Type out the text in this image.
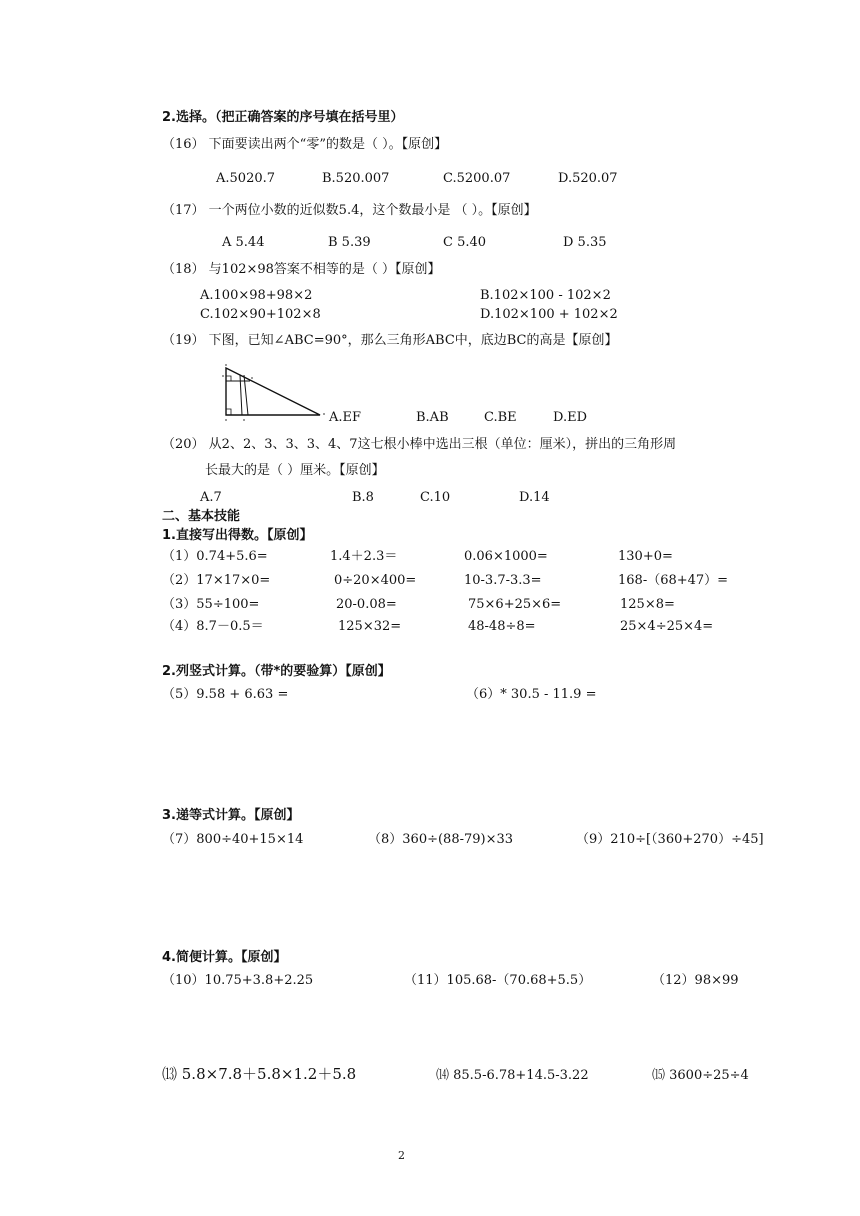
2.选择。（把正确答案的序号填在括号里）
（16） 下面要读出两个“零”的数是（ ）。【原创】
A.5020.7	B.520.007	C.5200.07	D.520.07
（17） 一个两位小数的近似数5.4，这个数最小是 （ ）。【原创】
A 5.44	B 5.39	C 5.40	D 5.35
（18） 与102×98答案不相等的是（ ）【原创】
A.100×98+98×2	B.102×100 - 102×2
C.102×90+102×8	D.102×100 + 102×2
（19） 下图，已知∠ABC=90°，那么三角形ABC中，底边BC的高是【原创】
A.EF	B.AB	C.BE	D.ED
（20） 从2、2、3、3、3、4、7这七根小棒中选出三根（单位：厘米），拼出的三角形周
长最大的是（ ）厘米。【原创】
A.7	B.8	C.10	D.14
二、基本技能
1.直接写出得数。【原创】
（1）0.74+5.6=	1.4＋2.3＝	0.06×1000=	130+0=
（2）17×17×0=	0÷20×400=	10-3.7-3.3=	168-（68+47）=
（3）55÷100=	20-0.08=	75×6+25×6=	125×8=
（4）8.7－0.5＝	125×32=	48-48÷8=	25×4÷25×4=
2.列竖式计算。（带*的要验算）【原创】
（5）9.58 + 6.63 =	（6）* 30.5 - 11.9 =
3.递等式计算。【原创】
（7）800÷40+15×14	（8）360÷(88-79)×33	（9）210÷[（360+270）÷45]
4.简便计算。【原创】
（10）10.75+3.8+2.25	（11）105.68-（70.68+5.5）	（12）98×99
⒀ 5.8×7.8＋5.8×1.2＋5.8	⒁ 85.5-6.78+14.5-3.22	⒂ 3600÷25÷4
2
